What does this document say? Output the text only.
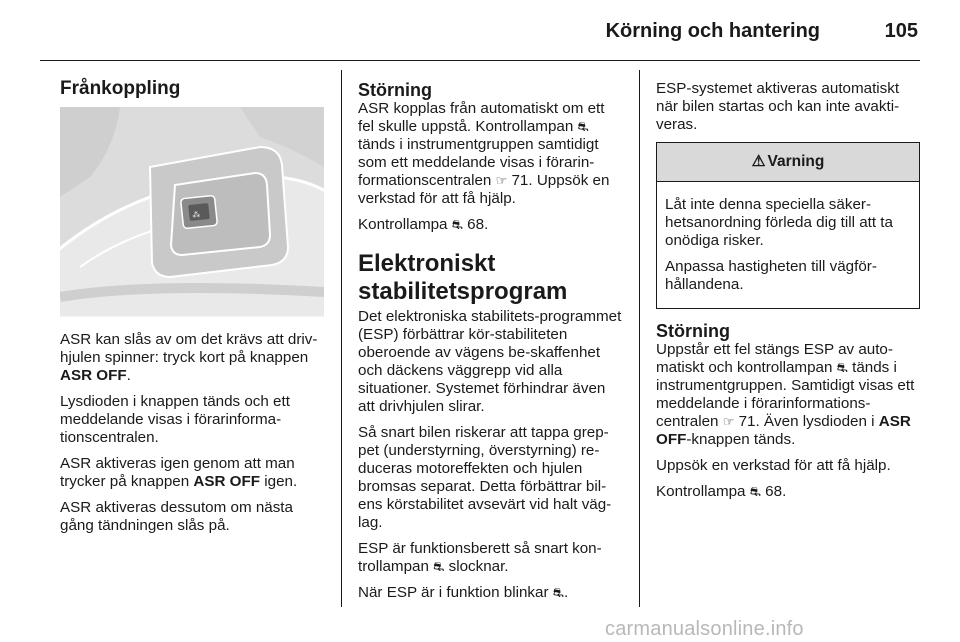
Körning och hantering	105
Frånkoppling
⁂

ASR kan slås av om det krävs att driv-hjulen spinner: tryck kort på knappen ASR OFF.

Lysdioden i knappen tänds och ett meddelande visas i förarinforma-tionscentralen.

ASR aktiveras igen genom att man trycker på knappen ASR OFF igen.

ASR aktiveras dessutom om nästa gång tändningen slås på.

Störning

ASR kopplas från automatiskt om ett fel skulle uppstå. Kontrollampan ⛐ tänds i instrumentgruppen samtidigt som ett meddelande visas i förarin-formationscentralen ☞ 71. Uppsök en verkstad för att få hjälp.

Kontrollampa ⛐ 68.

Elektroniskt stabilitetsprogram

Det elektroniska stabilitets-programmet (ESP) förbättrar kör-stabiliteten oberoende av vägens be-skaffenhet och däckens väggrepp vid alla situationer. Systemet förhindrar även att drivhjulen slirar.

Så snart bilen riskerar att tappa grep-pet (understyrning, överstyrning) re-duceras motoreffekten och hjulen bromsas separat. Detta förbättrar bil-ens körstabilitet avsevärt vid halt väg-lag.

ESP är funktionsberett så snart kon-trollampan ⛐ slocknar.

När ESP är i funktion blinkar ⛐.

ESP-systemet aktiveras automatiskt när bilen startas och kan inte avakti-veras.

⚠ Varning

Låt inte denna speciella säker-hetsanordning förleda dig till att ta onödiga risker.

Anpassa hastigheten till vägför-hållandena.

Störning

Uppstår ett fel stängs ESP av auto-matiskt och kontrollampan ⛐ tänds i instrumentgruppen. Samtidigt visas ett meddelande i förarinformations-centralen ☞ 71. Även lysdioden i ASR OFF-knappen tänds.

Uppsök en verkstad för att få hjälp.

Kontrollampa ⛐ 68.

carmanualsonline.info
